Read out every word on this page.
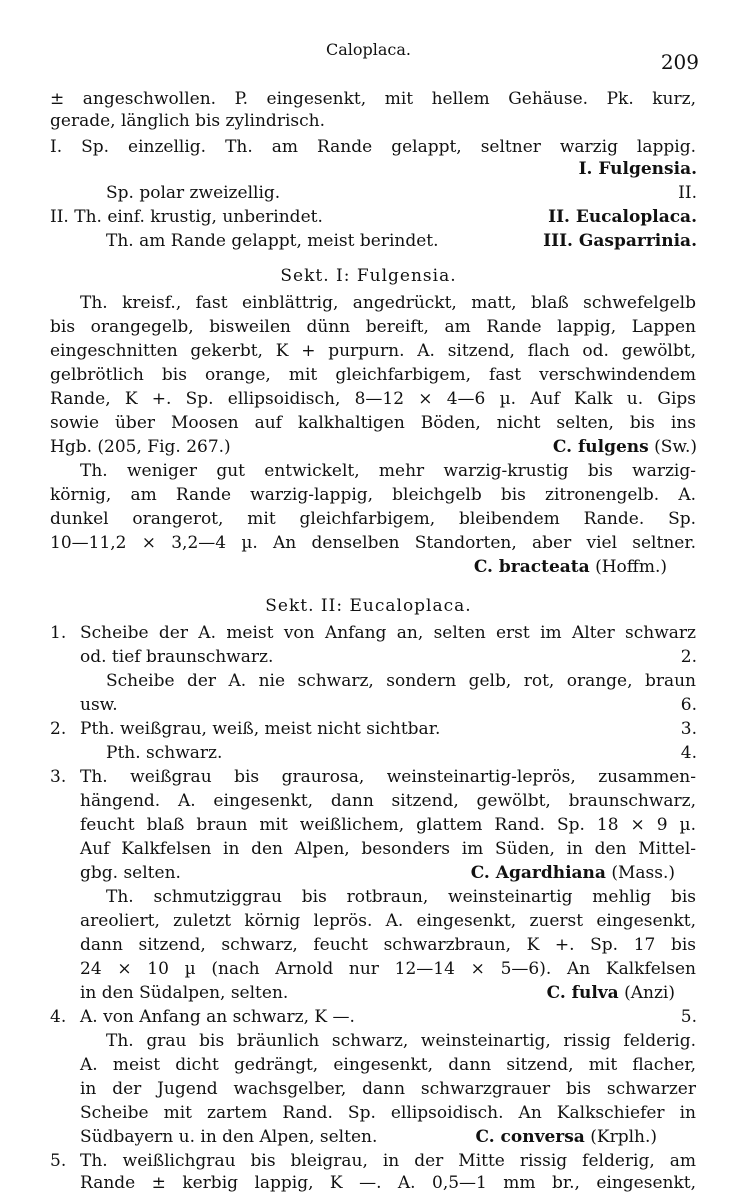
Caloplaca.
209
± angeschwollen. P. eingesenkt, mit hellem Gehäuse. Pk. kurz,
gerade, länglich bis zylindrisch.
I. Sp. einzellig. Th. am Rande gelappt, seltner warzig lappig.
I. Fulgensia.
Sp. polar zweizellig.	II.
II. Th. einf. krustig, unberindet.	II. Eucaloplaca.
Th. am Rande gelappt, meist berindet.	III. Gasparrinia.
Sekt. I: Fulgensia.
Th. kreisf., fast einblättrig, angedrückt, matt, blaß schwefelgelb
bis orangegelb, bisweilen dünn bereift, am Rande lappig, Lappen
eingeschnitten gekerbt, K + purpurn. A. sitzend, flach od. gewölbt,
gelbrötlich bis orange, mit gleichfarbigem, fast verschwindendem
Rande, K +. Sp. ellipsoidisch, 8—12 × 4—6 µ. Auf Kalk u. Gips
sowie über Moosen auf kalkhaltigen Böden, nicht selten, bis ins
Hgb. (205, Fig. 267.)	C. fulgens (Sw.)
Th. weniger gut entwickelt, mehr warzig-krustig bis warzig-
körnig, am Rande warzig-lappig, bleichgelb bis zitronengelb. A.
dunkel orangerot, mit gleichfarbigem, bleibendem Rande. Sp.
10—11,2 × 3,2—4 µ. An denselben Standorten, aber viel seltner.
C. bracteata (Hoffm.)
Sekt. II: Eucaloplaca.
1. Scheibe der A. meist von Anfang an, selten erst im Alter schwarz
od. tief braunschwarz.	2.
Scheibe der A. nie schwarz, sondern gelb, rot, orange, braun
usw.	6.
2. Pth. weißgrau, weiß, meist nicht sichtbar.	3.
Pth. schwarz.	4.
3. Th. weißgrau bis graurosa, weinsteinartig-leprös, zusammen-
hängend. A. eingesenkt, dann sitzend, gewölbt, braunschwarz,
feucht blaß braun mit weißlichem, glattem Rand. Sp. 18 × 9 µ.
Auf Kalkfelsen in den Alpen, besonders im Süden, in den Mittel-
gbg. selten.	C. Agardhiana (Mass.)
Th. schmutziggrau bis rotbraun, weinsteinartig mehlig bis
areoliert, zuletzt körnig leprös. A. eingesenkt, zuerst eingesenkt,
dann sitzend, schwarz, feucht schwarzbraun, K +. Sp. 17 bis
24 × 10 µ (nach Arnold nur 12—14 × 5—6). An Kalkfelsen
in den Südalpen, selten.	C. fulva (Anzi)
4. A. von Anfang an schwarz, K —.	5.
Th. grau bis bräunlich schwarz, weinsteinartig, rissig felderig.
A. meist dicht gedrängt, eingesenkt, dann sitzend, mit flacher,
in der Jugend wachsgelber, dann schwarzgrauer bis schwarzer
Scheibe mit zartem Rand. Sp. ellipsoidisch. An Kalkschiefer in
Südbayern u. in den Alpen, selten.	C. conversa (Krplh.)
5. Th. weißlichgrau bis bleigrau, in der Mitte rissig felderig, am
Rande ± kerbig lappig, K —. A. 0,5—1 mm br., eingesenkt,
